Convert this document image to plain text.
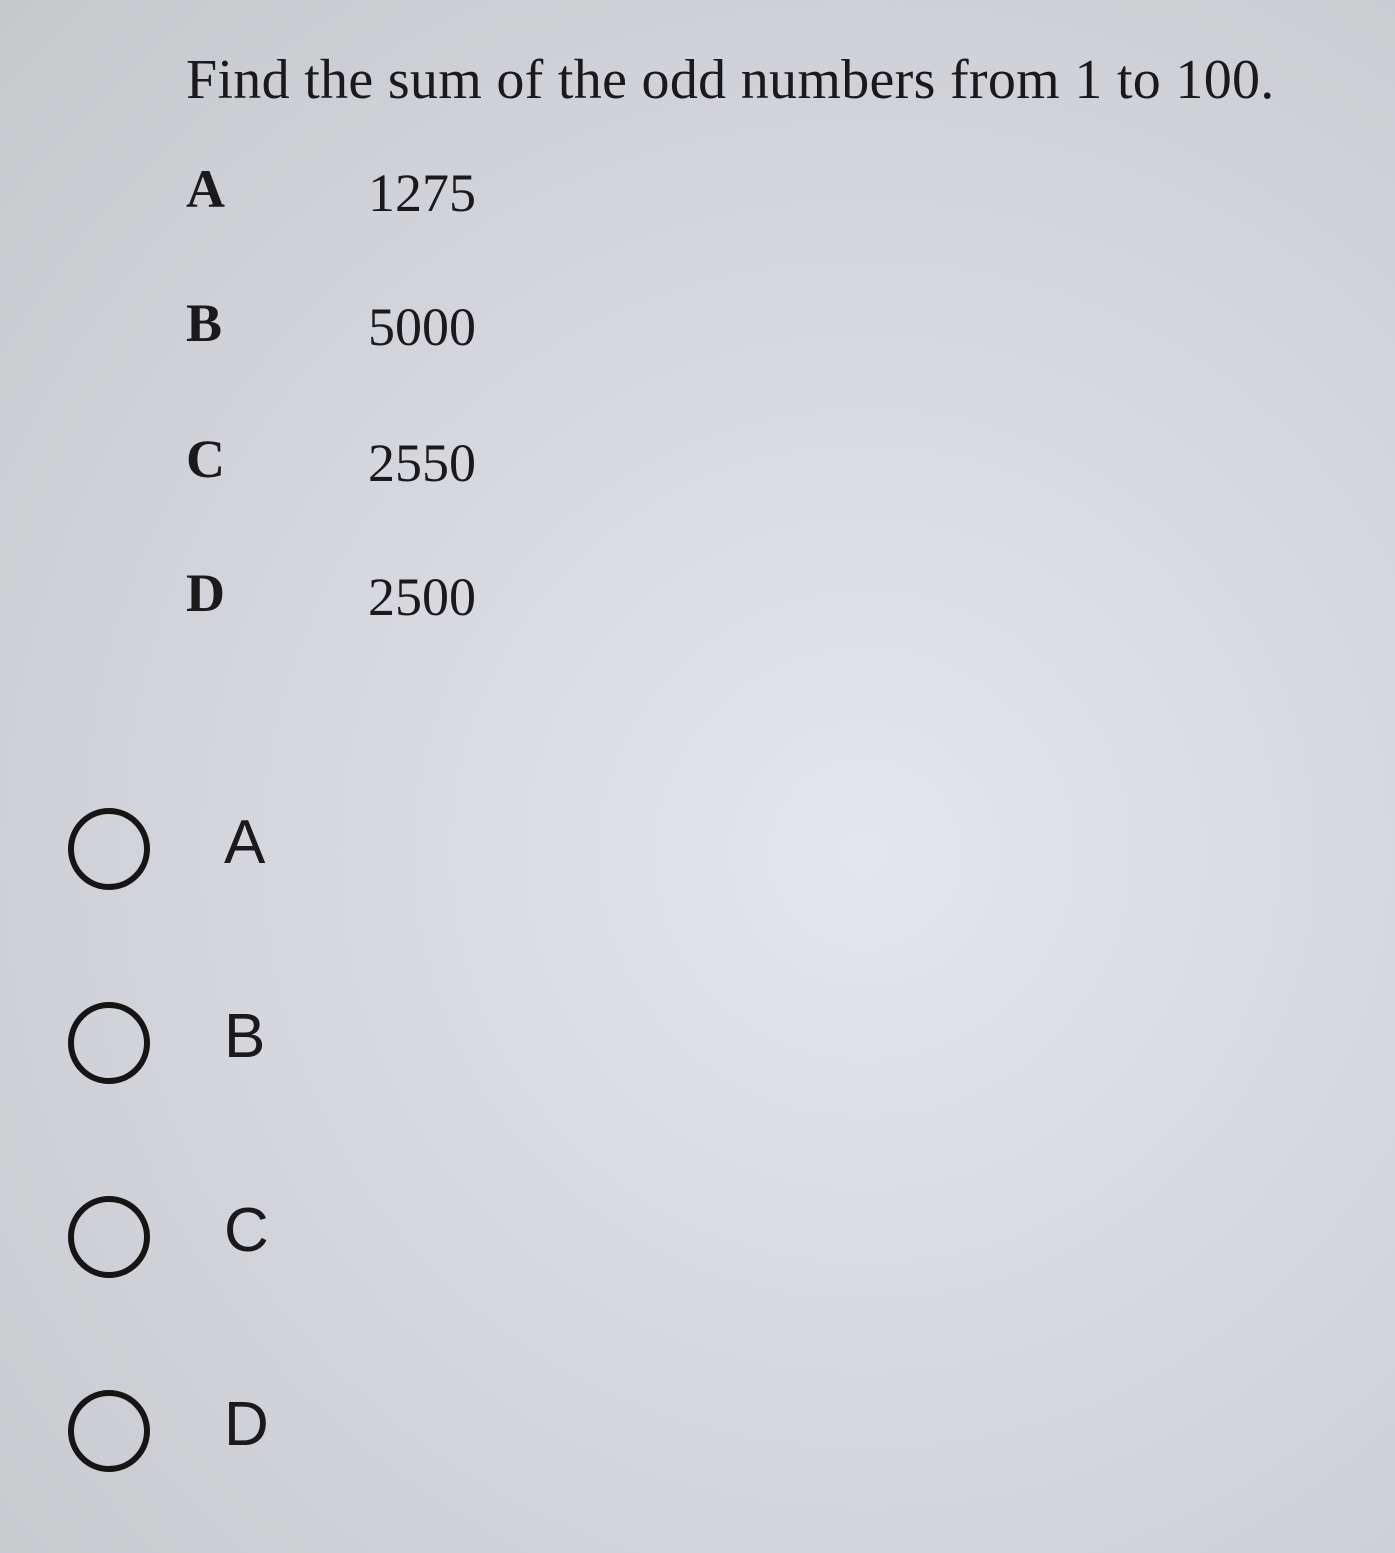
Find the sum of the odd numbers from 1 to 100.
A	1275
B	5000
C	2550
D	2500
A
B
C
D
